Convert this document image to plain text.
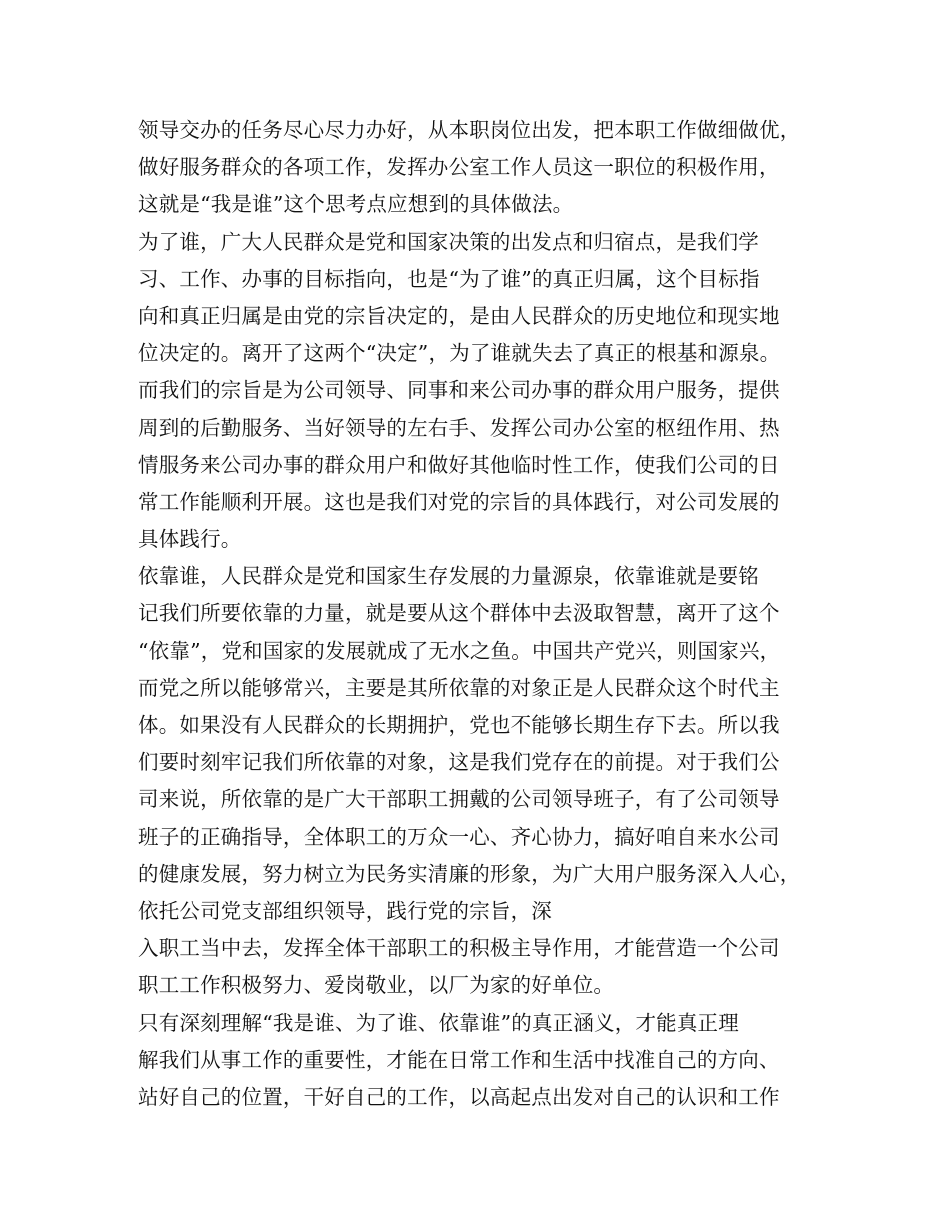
领导交办的任务尽心尽力办好，从本职岗位出发，把本职工作做细做优，
做好服务群众的各项工作，发挥办公室工作人员这一职位的积极作用，
这就是“我是谁”这个思考点应想到的具体做法。
为了谁，广大人民群众是党和国家决策的出发点和归宿点，是我们学
习、工作、办事的目标指向，也是“为了谁”的真正归属，这个目标指
向和真正归属是由党的宗旨决定的，是由人民群众的历史地位和现实地
位决定的。离开了这两个“决定”，为了谁就失去了真正的根基和源泉。
而我们的宗旨是为公司领导、同事和来公司办事的群众用户服务，提供
周到的后勤服务、当好领导的左右手、发挥公司办公室的枢纽作用、热
情服务来公司办事的群众用户和做好其他临时性工作，使我们公司的日
常工作能顺利开展。这也是我们对党的宗旨的具体践行，对公司发展的
具体践行。
依靠谁，人民群众是党和国家生存发展的力量源泉，依靠谁就是要铭
记我们所要依靠的力量，就是要从这个群体中去汲取智慧，离开了这个
“依靠”，党和国家的发展就成了无水之鱼。中国共产党兴，则国家兴，
而党之所以能够常兴，主要是其所依靠的对象正是人民群众这个时代主
体。如果没有人民群众的长期拥护，党也不能够长期生存下去。所以我
们要时刻牢记我们所依靠的对象，这是我们党存在的前提。对于我们公
司来说，所依靠的是广大干部职工拥戴的公司领导班子，有了公司领导
班子的正确指导，全体职工的万众一心、齐心协力，搞好咱自来水公司
的健康发展，努力树立为民务实清廉的形象，为广大用户服务深入人心，
依托公司党支部组织领导，践行党的宗旨，深
入职工当中去，发挥全体干部职工的积极主导作用，才能营造一个公司
职工工作积极努力、爱岗敬业，以厂为家的好单位。
只有深刻理解“我是谁、为了谁、依靠谁”的真正涵义，才能真正理
解我们从事工作的重要性，才能在日常工作和生活中找准自己的方向、
站好自己的位置，干好自己的工作，以高起点出发对自己的认识和工作
